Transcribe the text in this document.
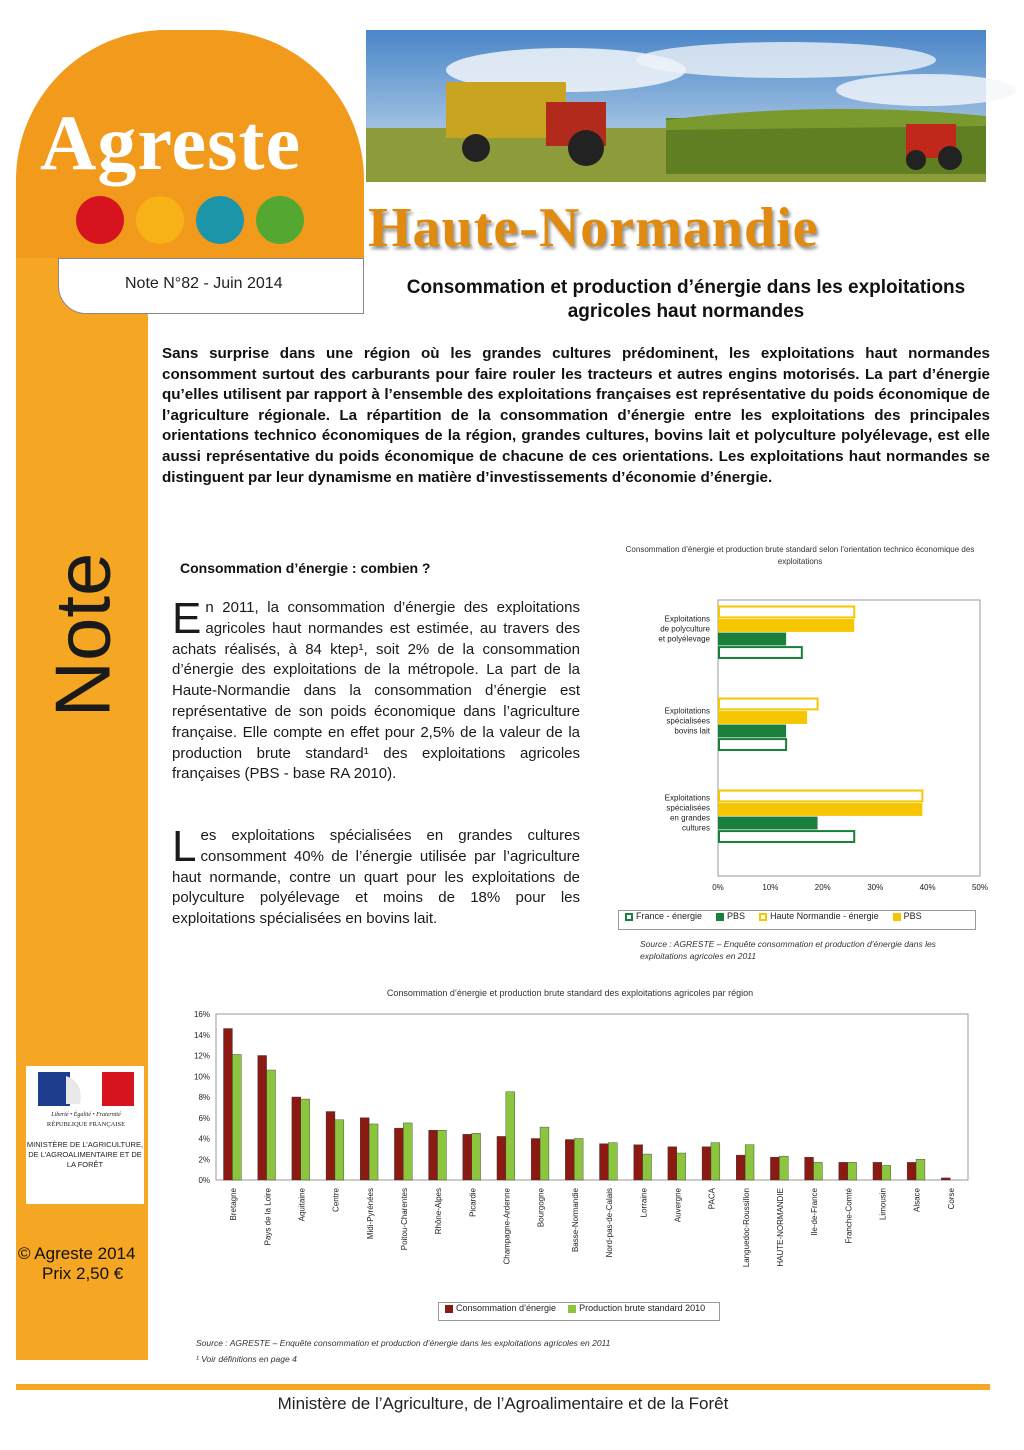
Agreste
Note
Note N°82 - Juin 2014
Haute-Normandie
Consommation et production d’énergie dans les exploitations agricoles haut normandes
Sans surprise dans une région où les grandes cultures prédominent, les exploitations haut normandes consomment surtout des carburants pour faire rouler les tracteurs et autres engins motorisés. La part d’énergie qu’elles utilisent par rapport à l’ensemble des exploitations françaises est représentative du poids économique de l’agriculture régionale. La répartition de la consommation d’énergie entre les exploitations des principales orientations technico économiques de la région, grandes cultures, bovins lait et polyculture polyélevage, est elle aussi représentative du poids économique de chacune de ces orientations. Les exploitations haut normandes se distinguent par leur dynamisme en matière d’investissements d’économie d’énergie.
Consommation d’énergie : combien ?
En 2011, la consommation d’énergie des exploitations agricoles haut normandes est estimée, au travers des achats réalisés, à 84 ktep¹, soit 2% de la consommation d’énergie des exploitations de la métropole. La part de la Haute-Normandie dans la consommation d’énergie est représentative de son poids économique dans l’agriculture française. Elle compte en effet pour 2,5% de la valeur de la production brute standard¹ des exploitations agricoles françaises (PBS - base RA 2010).
Les exploitations spécialisées en grandes cultures consomment 40% de l’énergie utilisée par l’agriculture haut normande, contre un quart pour les exploitations de polyculture polyélevage et moins de 18% pour les exploitations spécialisées en bovins lait.
Consommation d’énergie et production brute standard selon l’orientation technico économique des exploitations
0%	10%	20%	30%	40%	50%
Exploitations de polyculture et polyélevage
Exploitations spécialisées bovins lait
Exploitations spécialisées en grandes cultures
France - énergie	PBS	Haute Normandie - énergie	PBS
Source : AGRESTE – Enquête consommation et production d’énergie dans les exploitations agricoles en 2011
Consommation d’énergie et production brute standard des exploitations agricoles par région
0%
2%
4%
6%
8%
10%
12%
14%
16%
Bretagne	Pays de la Loire	Aquitaine	Centre	Midi-Pyrénées	Poitou-Charentes	Rhône-Alpes	Picardie	Champagne-Ardenne	Bourgogne	Basse-Normandie	Nord-pas-de-Calais	Lorraine	Auvergne	PACA	Languedoc-Roussillon	HAUTE-NORMANDIE	Ile-de-France	Franche-Comté	Limousin	Alsace	Corse
Consommation d’énergie	Production brute standard 2010
Source : AGRESTE – Enquête consommation et production d’énergie dans les exploitations agricoles en 2011
¹ Voir définitions en page 4
Liberté • Égalité • Fraternité
RÉPUBLIQUE FRANÇAISE
MINISTÈRE DE L’AGRICULTURE, DE L’AGROALIMENTAIRE ET DE LA FORÊT
© Agreste 2014
Prix 2,50 €
Ministère de l’Agriculture, de l’Agroalimentaire et de la Forêt
